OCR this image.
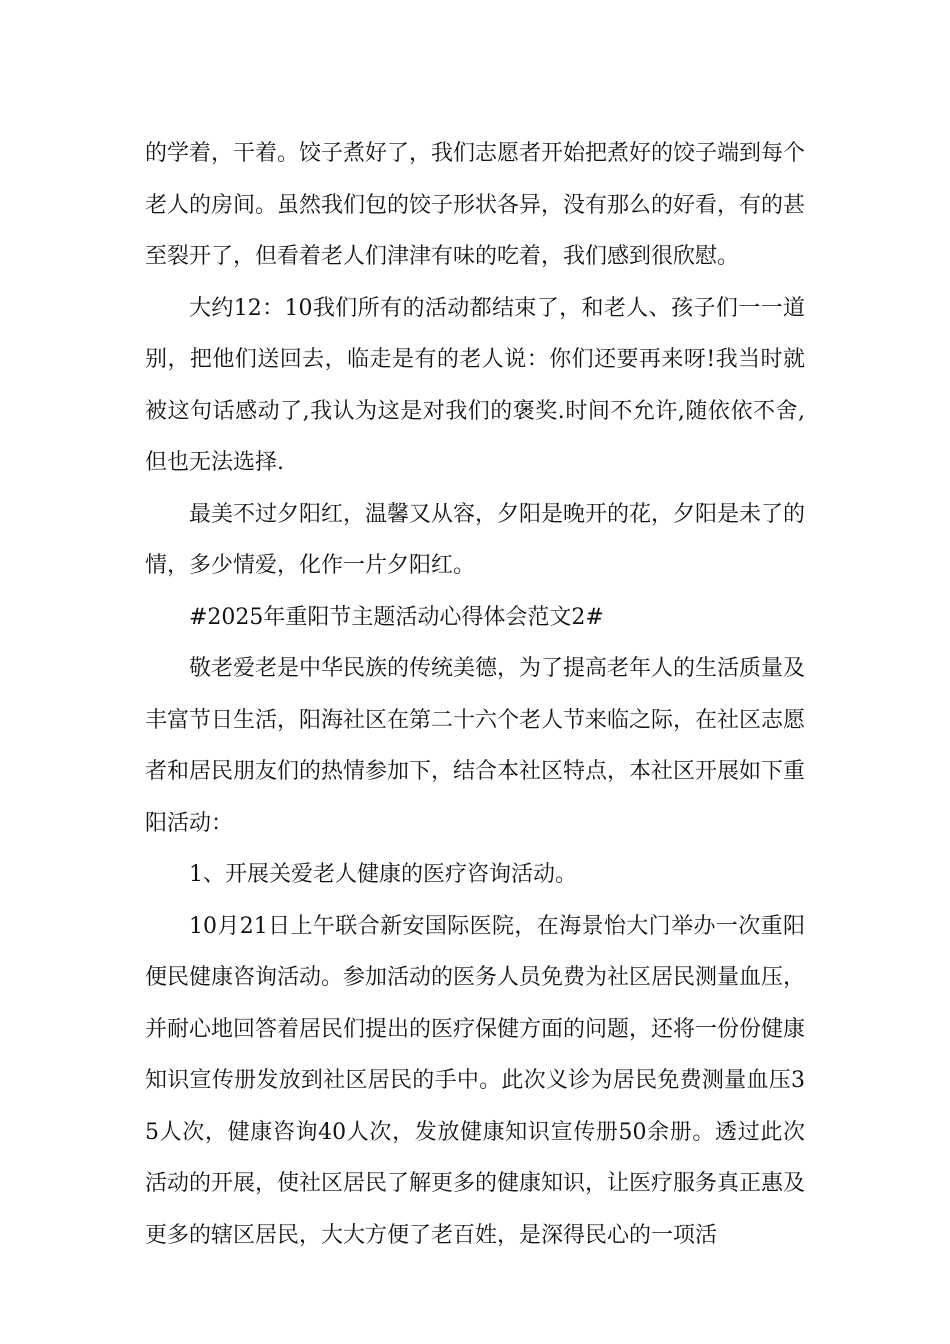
的学着，干着。饺子煮好了，我们志愿者开始把煮好的饺子端到每个老人的房间。虽然我们包的饺子形状各异，没有那么的好看，有的甚至裂开了，但看着老人们津津有味的吃着，我们感到很欣慰。

大约12：10我们所有的活动都结束了，和老人、孩子们一一道别，把他们送回去，临走是有的老人说：你们还要再来呀!我当时就被这句话感动了,我认为这是对我们的褒奖.时间不允许,随依依不舍,但也无法选择.

最美不过夕阳红，温馨又从容，夕阳是晚开的花，夕阳是未了的情，多少情爱，化作一片夕阳红。

#2025年重阳节主题活动心得体会范文2#

敬老爱老是中华民族的传统美德，为了提高老年人的生活质量及丰富节日生活，阳海社区在第二十六个老人节来临之际，在社区志愿者和居民朋友们的热情参加下，结合本社区特点，本社区开展如下重阳活动：

1、开展关爱老人健康的医疗咨询活动。

10月21日上午联合新安国际医院，在海景怡大门举办一次重阳便民健康咨询活动。参加活动的医务人员免费为社区居民测量血压，并耐心地回答着居民们提出的医疗保健方面的问题，还将一份份健康知识宣传册发放到社区居民的手中。此次义诊为居民免费测量血压35人次，健康咨询40人次，发放健康知识宣传册50余册。透过此次活动的开展，使社区居民了解更多的健康知识，让医疗服务真正惠及更多的辖区居民，大大方便了老百姓，是深得民心的一项活
